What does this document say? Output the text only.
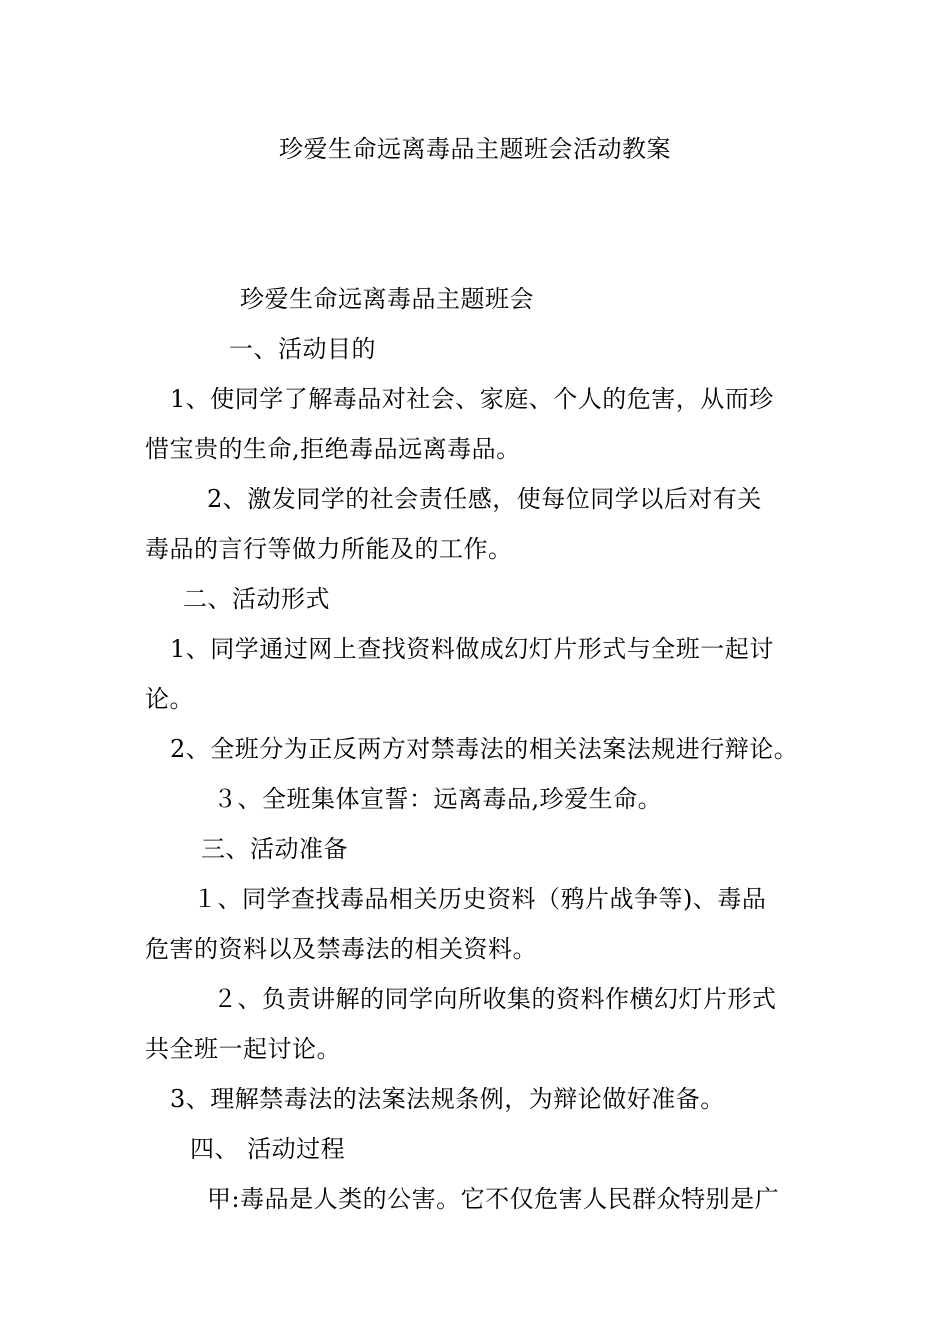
珍爱生命远离毒品主题班会活动教案
珍爱生命远离毒品主题班会
一、活动目的
1、使同学了解毒品对社会、家庭、个人的危害，从而珍
惜宝贵的生命,拒绝毒品远离毒品。
2、激发同学的社会责任感，使每位同学以后对有关
毒品的言行等做力所能及的工作。
二、活动形式
1、同学通过网上查找资料做成幻灯片形式与全班一起讨
论。
2、全班分为正反两方对禁毒法的相关法案法规进行辩论。
３、全班集体宣誓：远离毒品,珍爱生命。
三、活动准备
１、同学查找毒品相关历史资料（鸦片战争等)、毒品
危害的资料以及禁毒法的相关资料。
２、负责讲解的同学向所收集的资料作横幻灯片形式
共全班一起讨论。
3、理解禁毒法的法案法规条例，为辩论做好准备。
四、 活动过程
甲:毒品是人类的公害。它不仅危害人民群众特别是广
